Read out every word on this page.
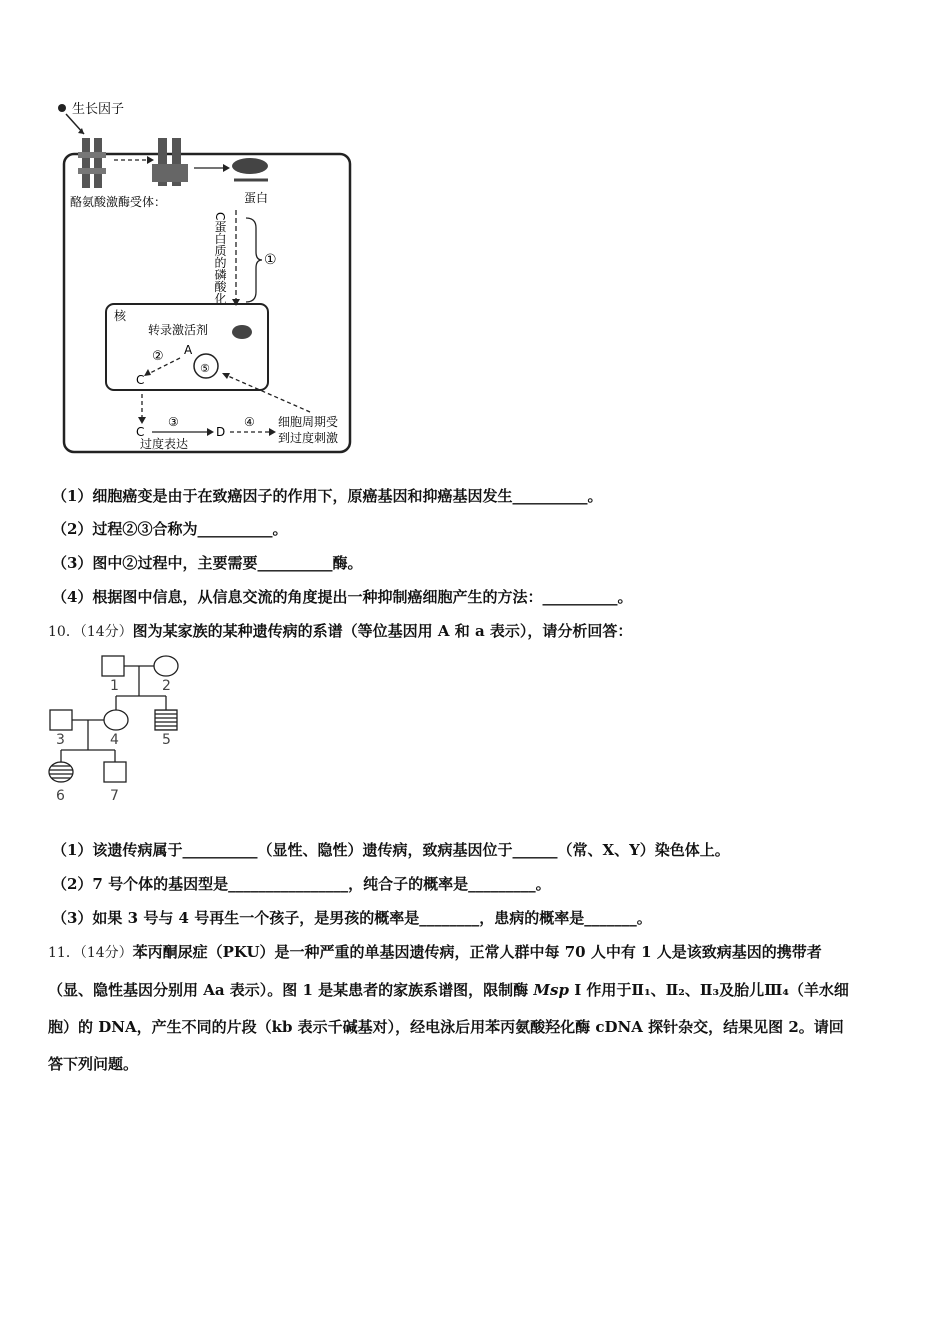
生长因子
酪氨酸激酶受体：	蛋白
C蛋白质的磷酸化	①
核
转录激活剂
A
②
⑤
C
C
③
过度表达
D
④ 细胞周期受
到过度刺激
（1）细胞癌变是由于在致癌因子的作用下，原癌基因和抑癌基因发生__________。
（2）过程②③合称为__________。
（3）图中②过程中，主要需要__________酶。
（4）根据图中信息，从信息交流的角度提出一种抑制癌细胞产生的方法：__________。
10．（14分）图为某家族的某种遗传病的系谱（等位基因用 A 和 a 表示），请分析回答：
1	2
3	4	5
6	7
（1）该遗传病属于__________（显性、隐性）遗传病，致病基因位于______（常、X、Y）染色体上。
（2）7 号个体的基因型是________________，纯合子的概率是_________。
（3）如果 3 号与 4 号再生一个孩子，是男孩的概率是________，患病的概率是_______。
11．（14分）苯丙酮尿症（PKU）是一种严重的单基因遗传病，正常人群中每 70 人中有 1 人是该致病基因的携带者
（显、隐性基因分别用 Aa 表示）。图 1 是某患者的家族系谱图，限制酶 Msp I 作用于Ⅱ₁、Ⅱ₂、Ⅱ₃及胎儿Ⅲ₄（羊水细
胞）的 DNA，产生不同的片段（kb 表示千碱基对），经电泳后用苯丙氨酸羟化酶 cDNA 探针杂交，结果见图 2。请回
答下列问题。
